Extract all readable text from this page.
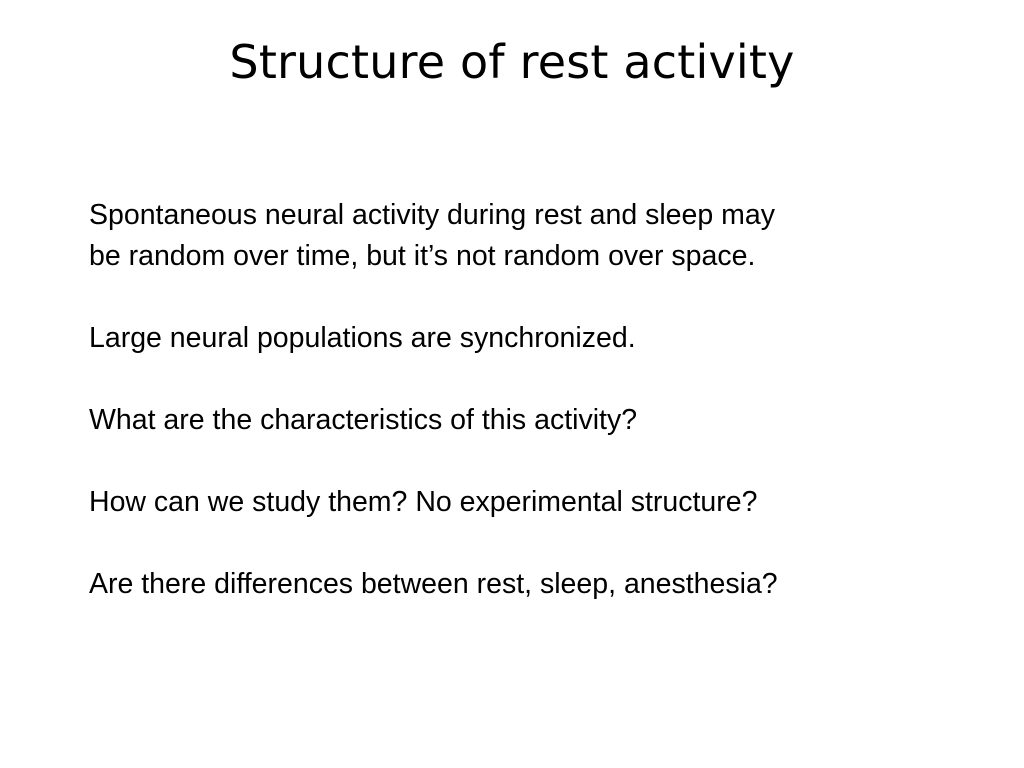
Structure of rest activity

Spontaneous neural activity during rest and sleep may
be random over time, but it’s not random over space.

Large neural populations are synchronized.

What are the characteristics of this activity?

How can we study them? No experimental structure?

Are there differences between rest, sleep, anesthesia?
